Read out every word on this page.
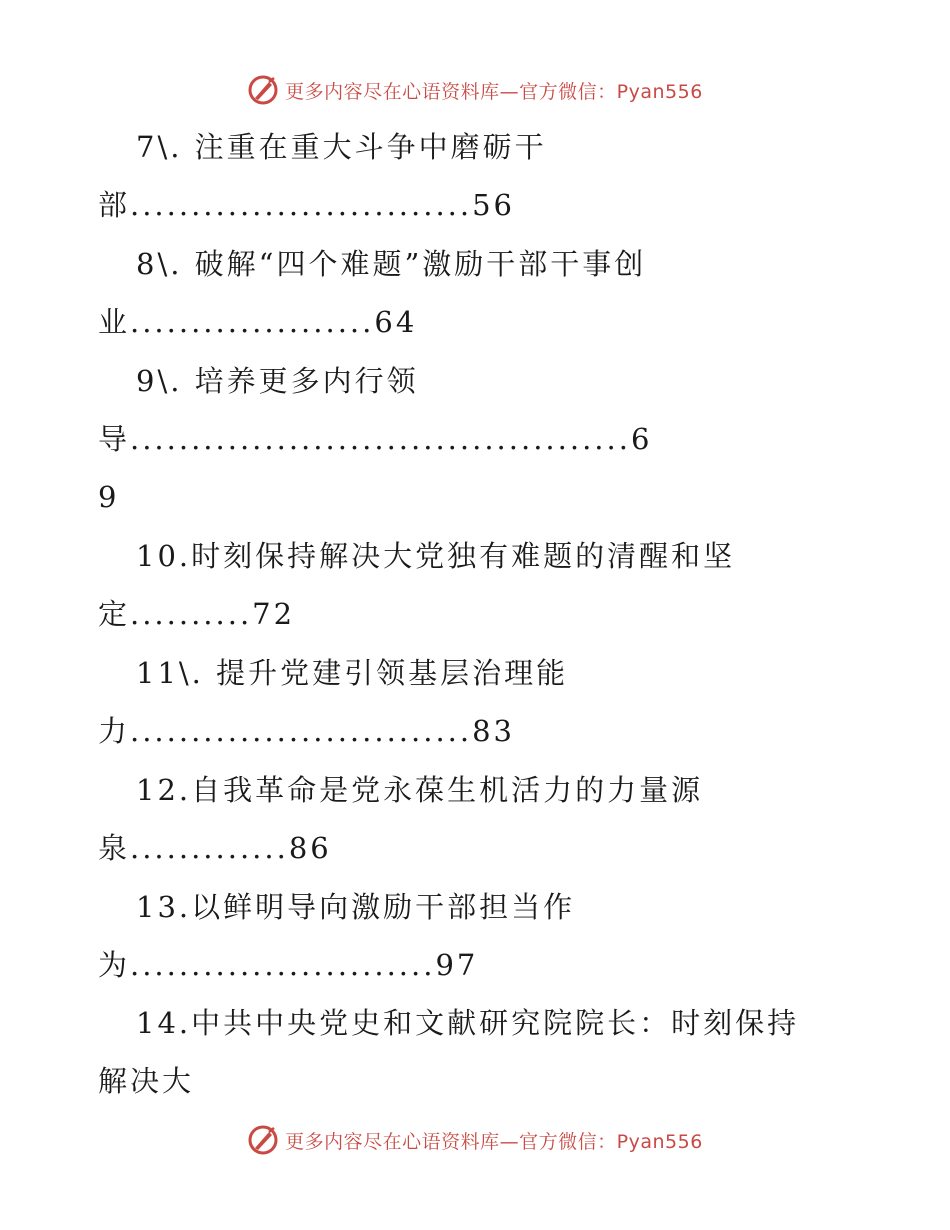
更多内容尽在心语资料库—官方微信：Pyan556
7\. 注重在重大斗争中磨砺干
部............................56
8\. 破解“四个难题”激励干部干事创
业....................64
9\. 培养更多内行领
导.........................................6
9
10.时刻保持解决大党独有难题的清醒和坚
定..........72
11\. 提升党建引领基层治理能
力............................83
12.自我革命是党永葆生机活力的力量源
泉.............86
13.以鲜明导向激励干部担当作
为.........................97
14.中共中央党史和文献研究院院长：时刻保持
解决大
更多内容尽在心语资料库—官方微信：Pyan556
